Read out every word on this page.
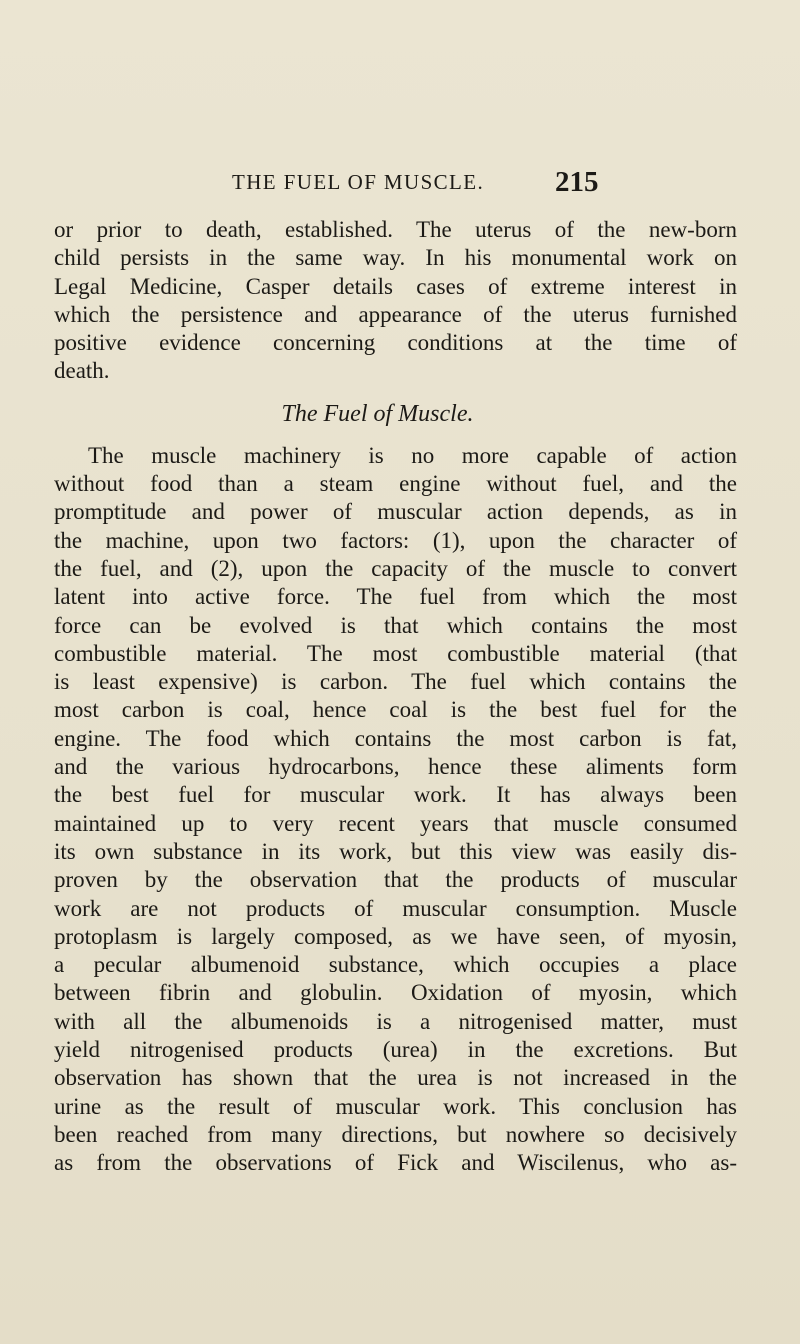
THE FUEL OF MUSCLE. 215
or prior to death, established. The uterus of the new-born
child persists in the same way. In his monumental work on
Legal Medicine, Casper details cases of extreme interest in
which the persistence and appearance of the uterus furnished
positive evidence concerning conditions at the time of
death.
The Fuel of Muscle.
The muscle machinery is no more capable of action
without food than a steam engine without fuel, and the
promptitude and power of muscular action depends, as in
the machine, upon two factors: (1), upon the character of
the fuel, and (2), upon the capacity of the muscle to convert
latent into active force. The fuel from which the most
force can be evolved is that which contains the most
combustible material. The most combustible material (that
is least expensive) is carbon. The fuel which contains the
most carbon is coal, hence coal is the best fuel for the
engine. The food which contains the most carbon is fat,
and the various hydrocarbons, hence these aliments form
the best fuel for muscular work. It has always been
maintained up to very recent years that muscle consumed
its own substance in its work, but this view was easily dis-
proven by the observation that the products of muscular
work are not products of muscular consumption. Muscle
protoplasm is largely composed, as we have seen, of myosin,
a pecular albumenoid substance, which occupies a place
between fibrin and globulin. Oxidation of myosin, which
with all the albumenoids is a nitrogenised matter, must
yield nitrogenised products (urea) in the excretions. But
observation has shown that the urea is not increased in the
urine as the result of muscular work. This conclusion has
been reached from many directions, but nowhere so decisively
as from the observations of Fick and Wiscilenus, who as-
